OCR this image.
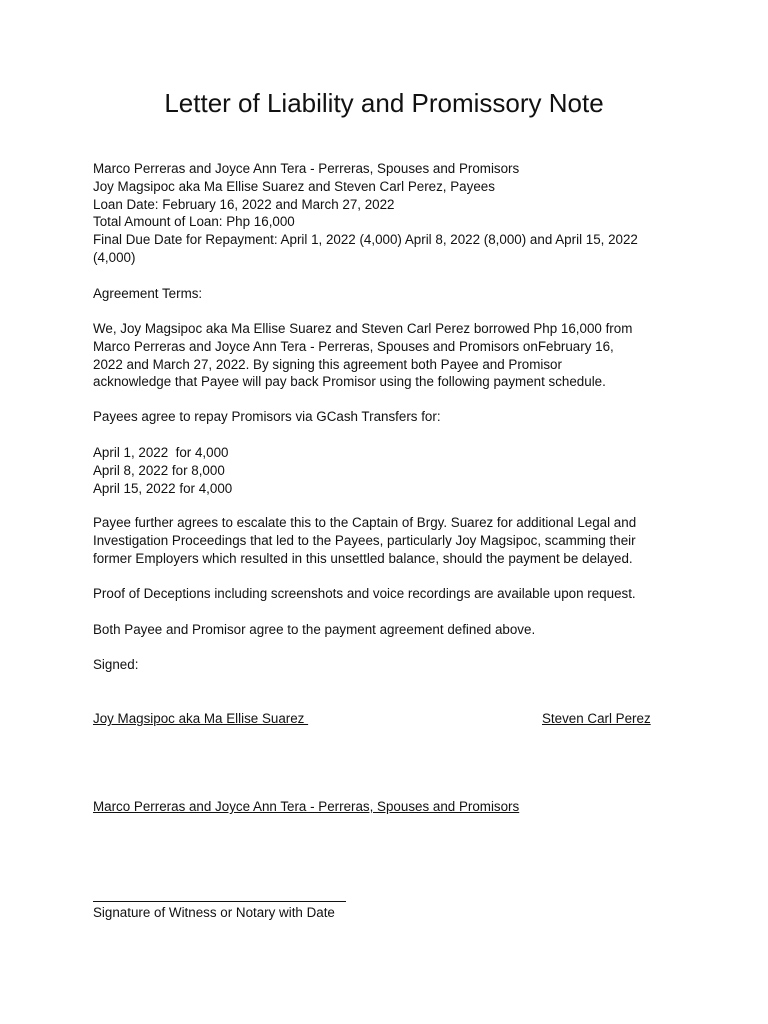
Letter of Liability and Promissory Note
Marco Perreras and Joyce Ann Tera - Perreras, Spouses and Promisors
Joy Magsipoc aka Ma Ellise Suarez and Steven Carl Perez, Payees
Loan Date: February 16, 2022 and March 27, 2022
Total Amount of Loan: Php 16,000
Final Due Date for Repayment: April 1, 2022 (4,000) April 8, 2022 (8,000) and April 15, 2022
(4,000)
Agreement Terms:
We, Joy Magsipoc aka Ma Ellise Suarez and Steven Carl Perez borrowed Php 16,000 from
Marco Perreras and Joyce Ann Tera - Perreras, Spouses and Promisors onFebruary 16,
2022 and March 27, 2022. By signing this agreement both Payee and Promisor
acknowledge that Payee will pay back Promisor using the following payment schedule.
Payees agree to repay Promisors via GCash Transfers for:
April 1, 2022  for 4,000
April 8, 2022 for 8,000
April 15, 2022 for 4,000
Payee further agrees to escalate this to the Captain of Brgy. Suarez for additional Legal and
Investigation Proceedings that led to the Payees, particularly Joy Magsipoc, scamming their
former Employers which resulted in this unsettled balance, should the payment be delayed.
Proof of Deceptions including screenshots and voice recordings are available upon request.
Both Payee and Promisor agree to the payment agreement defined above.
Signed:
Joy Magsipoc aka Ma Ellise Suarez	Steven Carl Perez
Marco Perreras and Joyce Ann Tera - Perreras, Spouses and Promisors
Signature of Witness or Notary with Date
